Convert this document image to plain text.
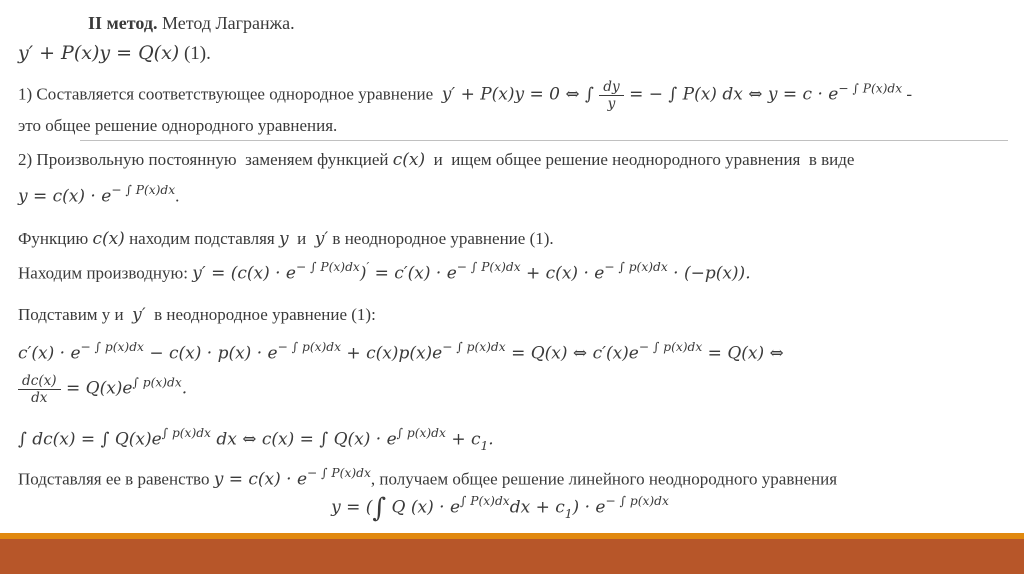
II метод. Метод Лагранжа.
y′ + P(x)y = Q(x) (1).
1) Составляется соответствующее однородное уравнение  y′ + P(x)y = 0 ⇔ ∫ $\frac{dy}{y}$ = − ∫ P(x) dx ⇔ $y = c \cdot e^{- \int P(x)dx}$ -
это общее решение однородного уравнения.
2) Произвольную постоянную  заменяем функцией c(x)  и  ищем общее решение неоднородного уравнения  в виде
$y = c(x) \cdot e^{- \int P(x)dx}$.
Функцию c(x) находим подставляя y  и  y′ в неоднородное уравнение (1).
Находим производную: $y' = (c(x) \cdot e^{- \int P(x)dx})' = c'(x) \cdot e^{- \int P(x)dx} + c(x) \cdot e^{- \int p(x)dx} \cdot (-p(x))$.
Подставим у и  y′  в неоднородное уравнение (1):
$c'(x) \cdot e^{- \int p(x)dx} - c(x) \cdot p(x) \cdot e^{- \int p(x)dx} + c(x)p(x)e^{- \int p(x)dx} = Q(x)$ ⇔ $c'(x)e^{- \int p(x)dx} = Q(x)$ ⇔
$\frac{dc(x)}{dx} = Q(x)e^{\int p(x)dx}$.
∫ dc(x) = ∫ $Q(x)e^{\int p(x)dx}$ dx ⇔ c(x) = ∫ $Q(x) \cdot e^{\int p(x)dx} + c_1$.
Подставляя ее в равенство $y = c(x) \cdot e^{- \int P(x)dx}$, получаем общее решение линейного неоднородного уравнения
y = (∫ Q $(x) \cdot e^{\int P(x)dx}dx + c_1) \cdot e^{- \int p(x)dx}$
